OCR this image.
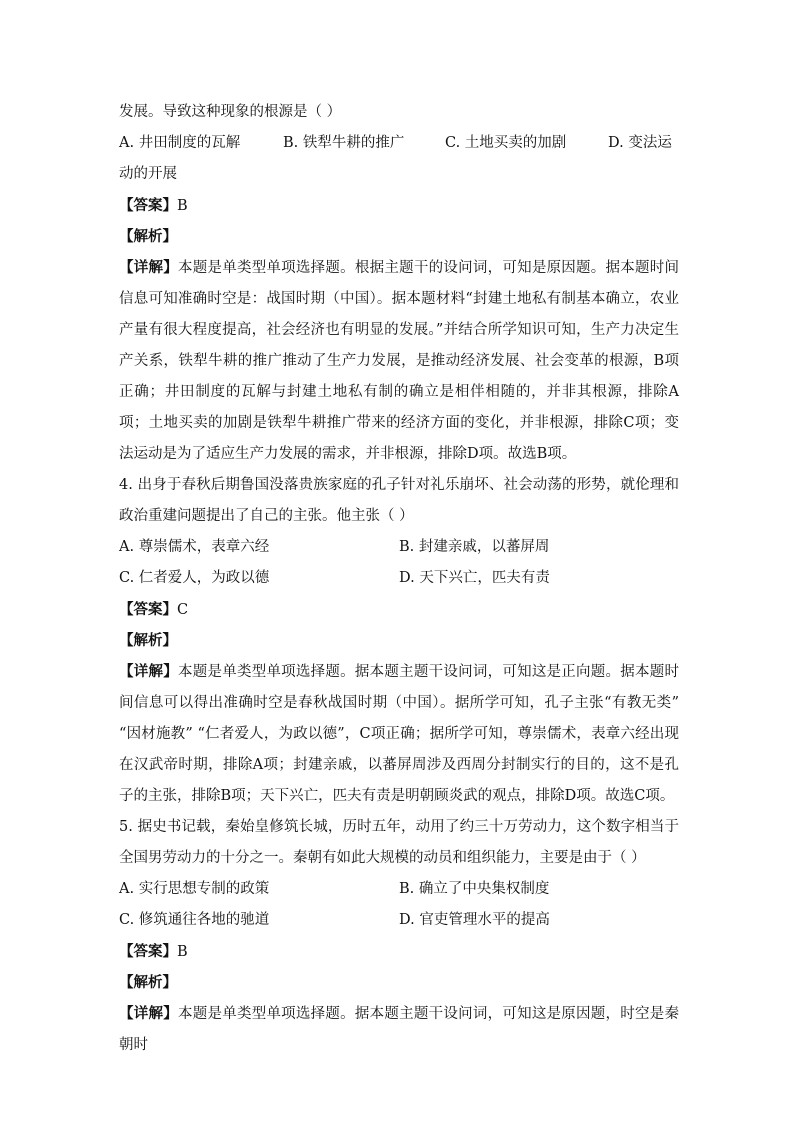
发展。导致这种现象的根源是（ ）
A. 井田制度的瓦解	B. 铁犁牛耕的推广	C. 土地买卖的加剧	D. 变法运
动的开展
【答案】B
【解析】
【详解】本题是单类型单项选择题。根据主题干的设问词，可知是原因题。据本题时间信息可知准确时空是：战国时期（中国）。据本题材料“封建土地私有制基本确立，农业产量有很大程度提高，社会经济也有明显的发展。”并结合所学知识可知，生产力决定生产关系，铁犁牛耕的推广推动了生产力发展，是推动经济发展、社会变革的根源，B项正确；井田制度的瓦解与封建土地私有制的确立是相伴相随的，并非其根源，排除A项；土地买卖的加剧是铁犁牛耕推广带来的经济方面的变化，并非根源，排除C项；变法运动是为了适应生产力发展的需求，并非根源，排除D项。故选B项。
4. 出身于春秋后期鲁国没落贵族家庭的孔子针对礼乐崩坏、社会动荡的形势，就伦理和政治重建问题提出了自己的主张。他主张（ ）
A. 尊崇儒术，表章六经	B. 封建亲戚，以蕃屏周
C. 仁者爱人，为政以德	D. 天下兴亡，匹夫有责
【答案】C
【解析】
【详解】本题是单类型单项选择题。据本题主题干设问词，可知这是正向题。据本题时间信息可以得出准确时空是春秋战国时期（中国）。据所学可知，孔子主张“有教无类” “因材施教” “仁者爱人，为政以德”，C项正确；据所学可知，尊崇儒术，表章六经出现在汉武帝时期，排除A项；封建亲戚，以蕃屏周涉及西周分封制实行的目的，这不是孔子的主张，排除B项；天下兴亡，匹夫有责是明朝顾炎武的观点，排除D项。故选C项。
5. 据史书记载，秦始皇修筑长城，历时五年，动用了约三十万劳动力，这个数字相当于全国男劳动力的十分之一。秦朝有如此大规模的动员和组织能力，主要是由于（ ）
A. 实行思想专制的政策	B. 确立了中央集权制度
C. 修筑通往各地的驰道	D. 官吏管理水平的提高
【答案】B
【解析】
【详解】本题是单类型单项选择题。据本题主题干设问词，可知这是原因题，时空是秦朝时
